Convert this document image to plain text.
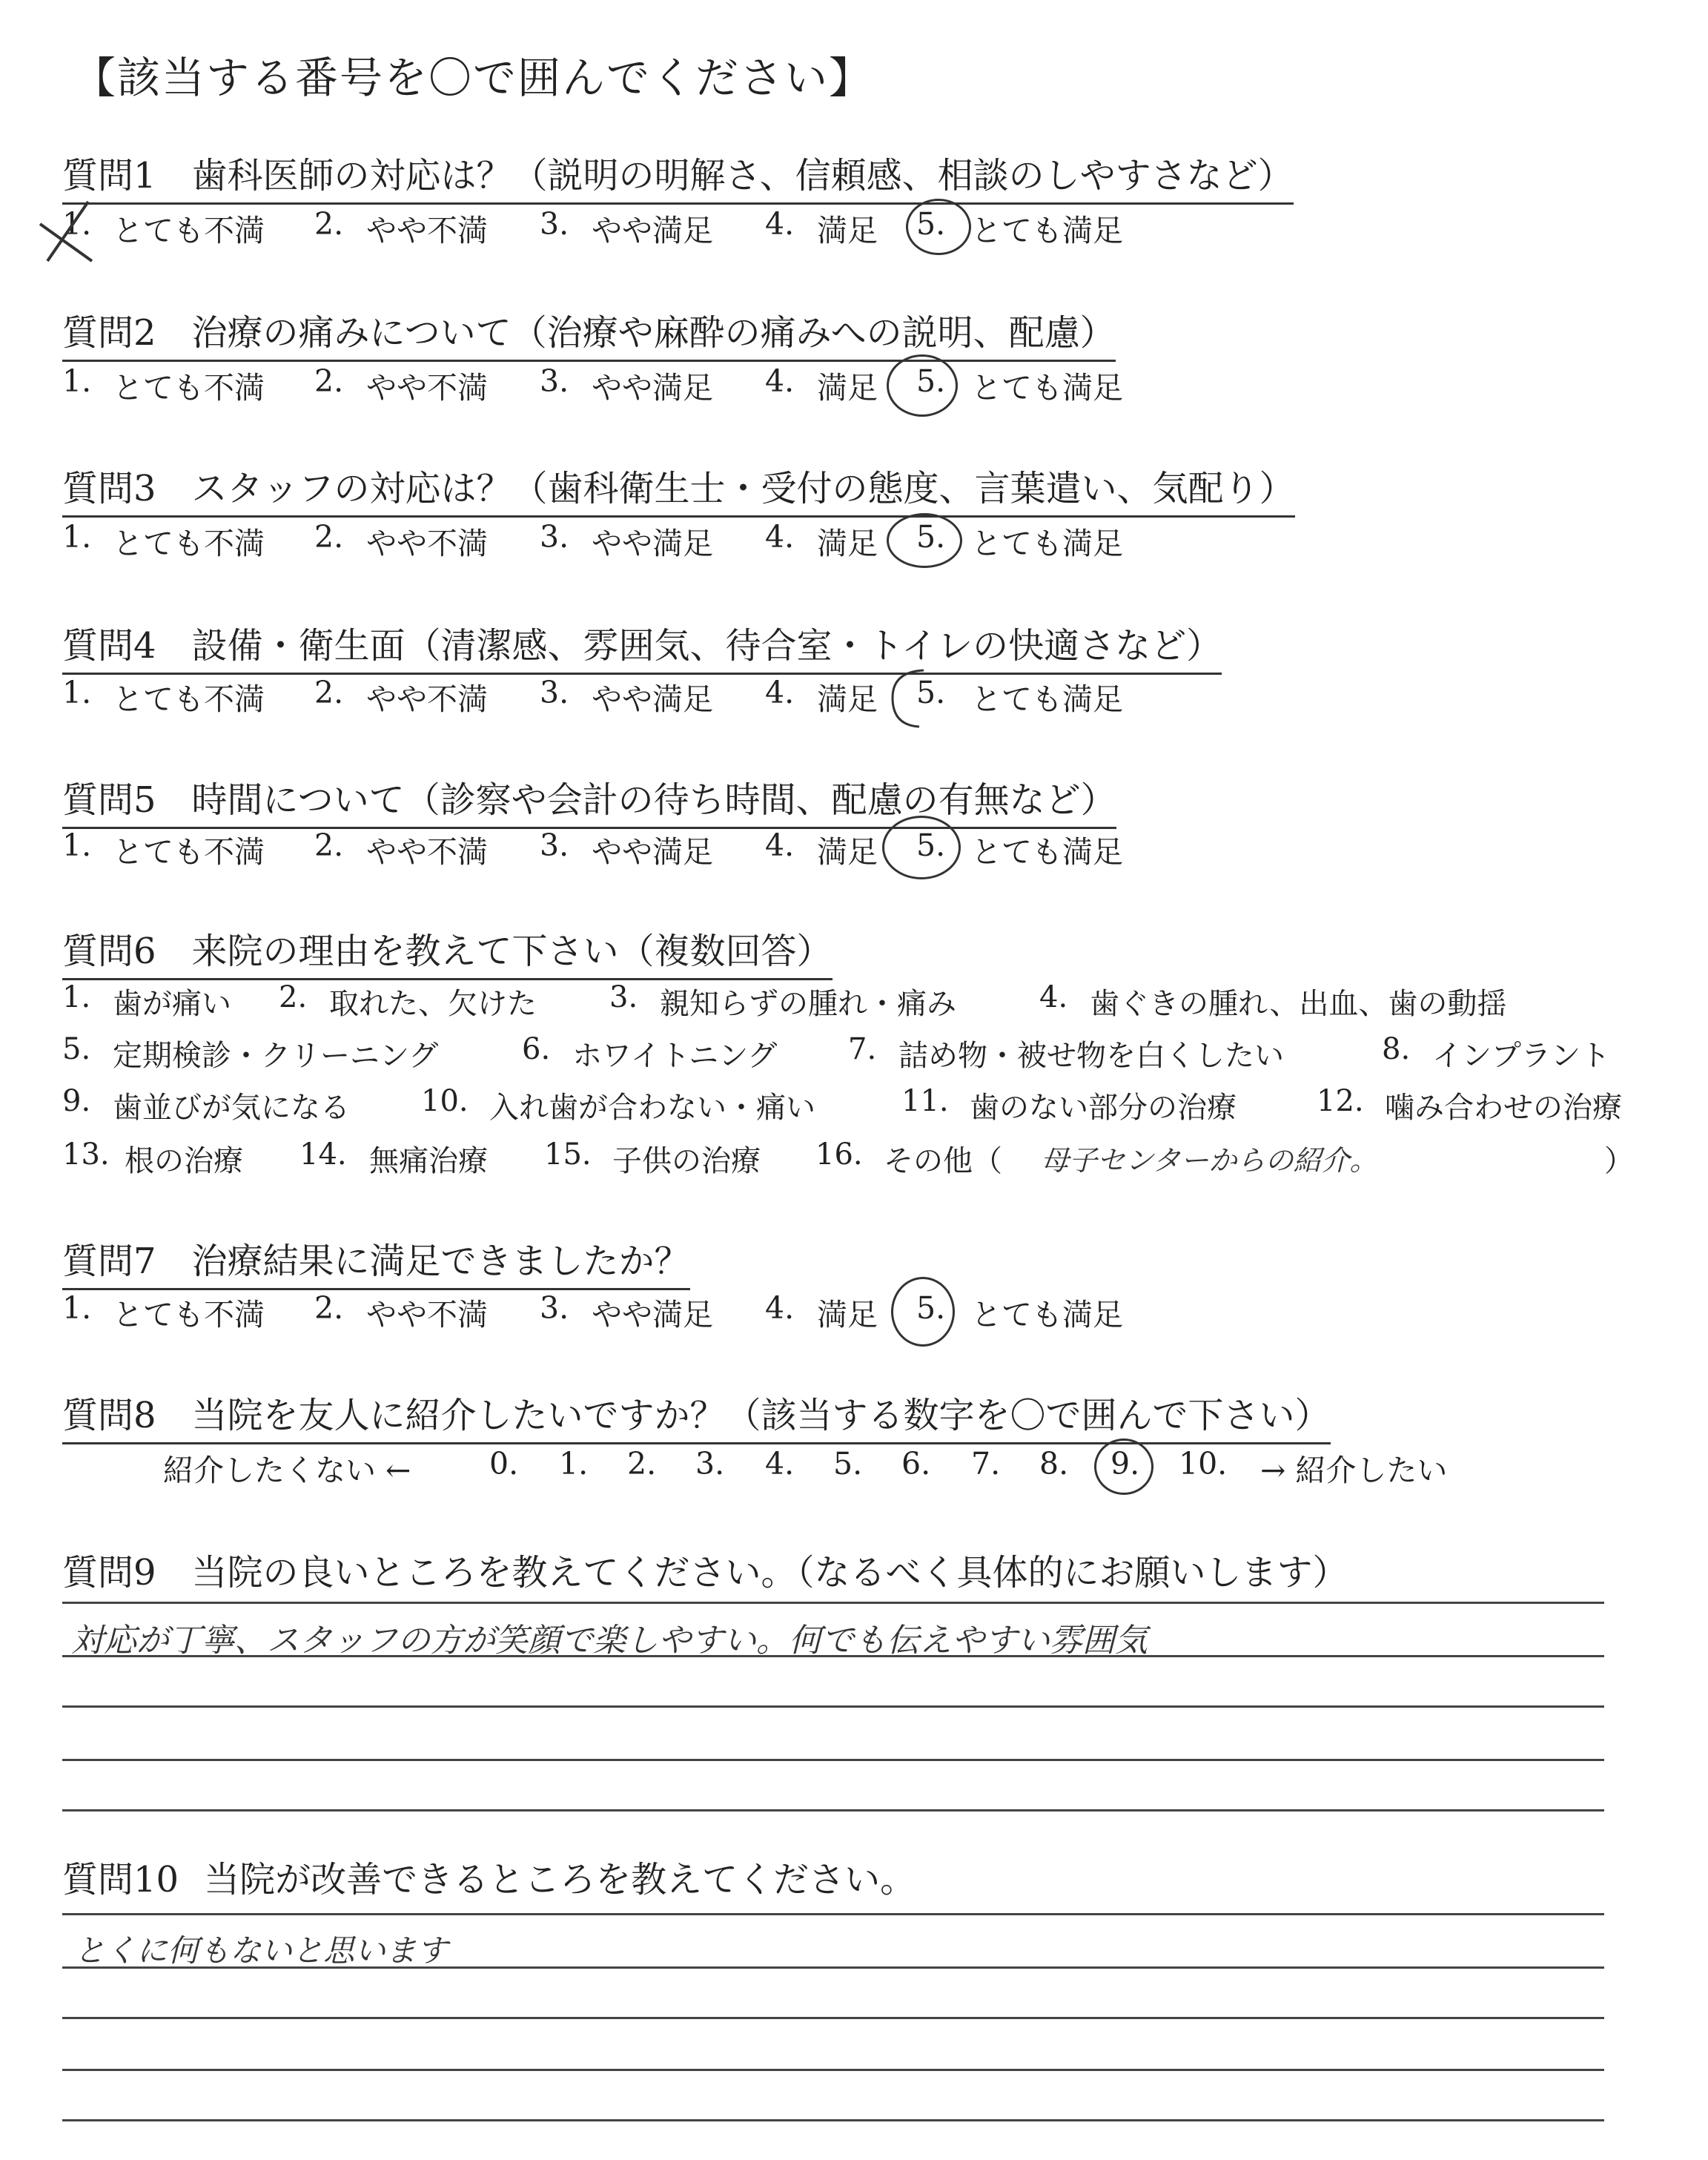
【該当する番号を〇で囲んでください】
質問1 歯科医師の対応は？（説明の明解さ、信頼感、相談のしやすさなど）
1. とても不満 2. やや不満 3. やや満足 4. 満足 5. とても満足
質問2 治療の痛みについて（治療や麻酔の痛みへの説明、配慮）
1. とても不満 2. やや不満 3. やや満足 4. 満足 5. とても満足
質問3 スタッフの対応は？（歯科衛生士・受付の態度、言葉遣い、気配り）
1. とても不満 2. やや不満 3. やや満足 4. 満足 5. とても満足
質問4 設備・衛生面（清潔感、雰囲気、待合室・トイレの快適さなど）
1. とても不満 2. やや不満 3. やや満足 4. 満足 5. とても満足
質問5 時間について（診察や会計の待ち時間、配慮の有無など）
1. とても不満 2. やや不満 3. やや満足 4. 満足 5. とても満足
質問6 来院の理由を教えて下さい（複数回答）
1. 歯が痛い 2. 取れた、欠けた 3. 親知らずの腫れ・痛み	4. 歯ぐきの腫れ、出血、歯の動揺
5. 定期検診・クリーニング	6. ホワイトニング 7. 詰め物・被せ物を白くしたい	8. インプラント
9. 歯並びが気になる 10. 入れ歯が合わない・痛い	11. 歯のない部分の治療	12. 噛み合わせの治療
13. 根の治療 14. 無痛治療 15. 子供の治療 16. その他（ 母子センターからの紹介。	）
質問7 治療結果に満足できましたか？
1. とても不満 2. やや不満 3. やや満足 4. 満足 5. とても満足
質問8 当院を友人に紹介したいですか？（該当する数字を〇で囲んで下さい）
紹介したくない ←	0. 1. 2. 3. 4. 5. 6. 7. 8. 9. 10. → 紹介したい
質問9 当院の良いところを教えてください。（なるべく具体的にお願いします）
対応が丁寧、スタッフの方が笑顔で楽しやすい。何でも伝えやすい雰囲気
質問10 当院が改善できるところを教えてください。
とくに何もないと思います
